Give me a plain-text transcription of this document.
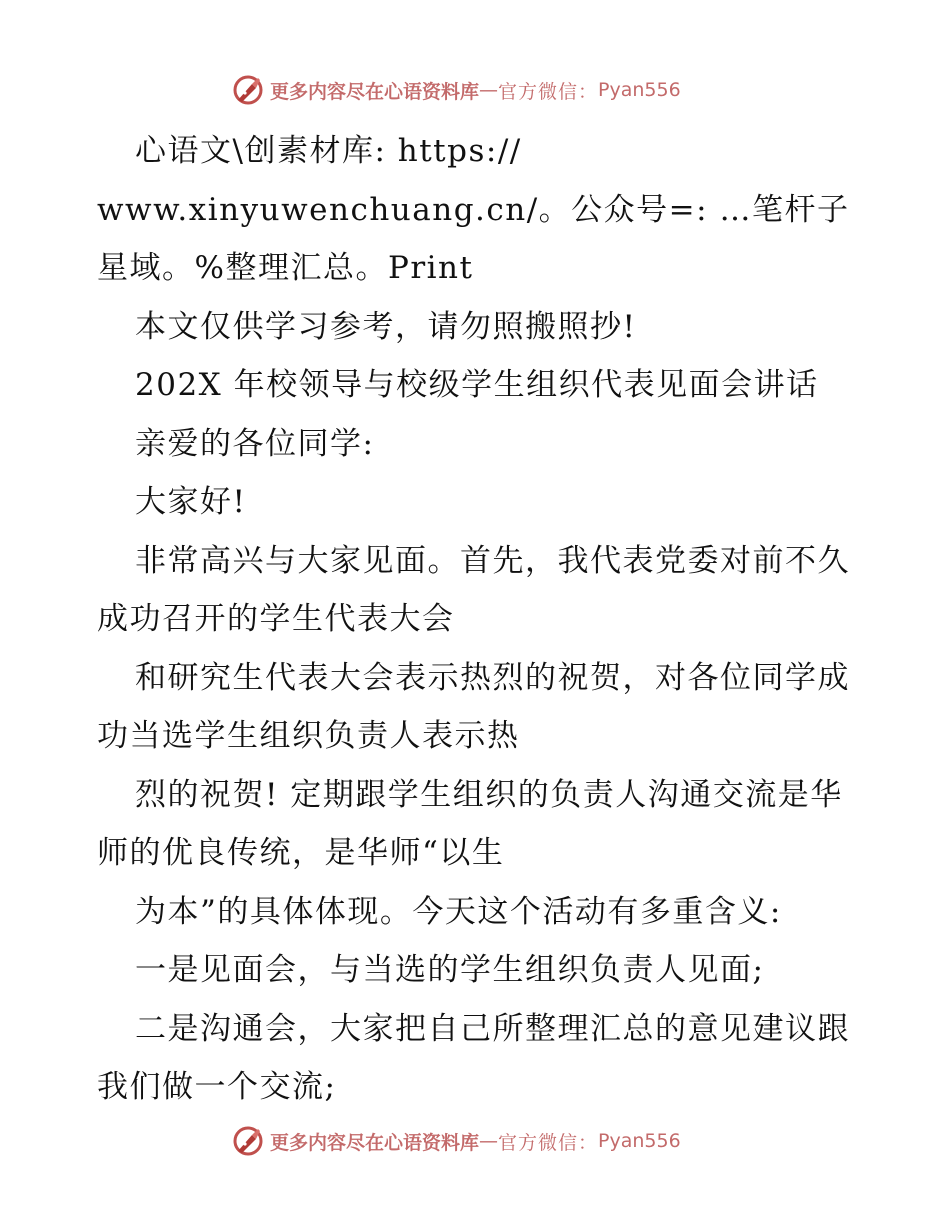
更多内容尽在心语资料库 — 官方微信： Pyan556

心语文\创素材库: https://

www.xinyuwenchuang.cn/。公众号=: …笔杆子星域。%整理汇总。Print

本文仅供学习参考，请勿照搬照抄!

202X 年校领导与校级学生组织代表见面会讲话

亲爱的各位同学:

大家好!

非常高兴与大家见面。首先，我代表党委对前不久成功召开的学生代表大会

和研究生代表大会表示热烈的祝贺，对各位同学成功当选学生组织负责人表示热

烈的祝贺! 定期跟学生组织的负责人沟通交流是华师的优良传统，是华师“以生

为本”的具体体现。今天这个活动有多重含义:

一是见面会，与当选的学生组织负责人见面;

二是沟通会，大家把自己所整理汇总的意见建议跟我们做一个交流;

更多内容尽在心语资料库 — 官方微信： Pyan556
